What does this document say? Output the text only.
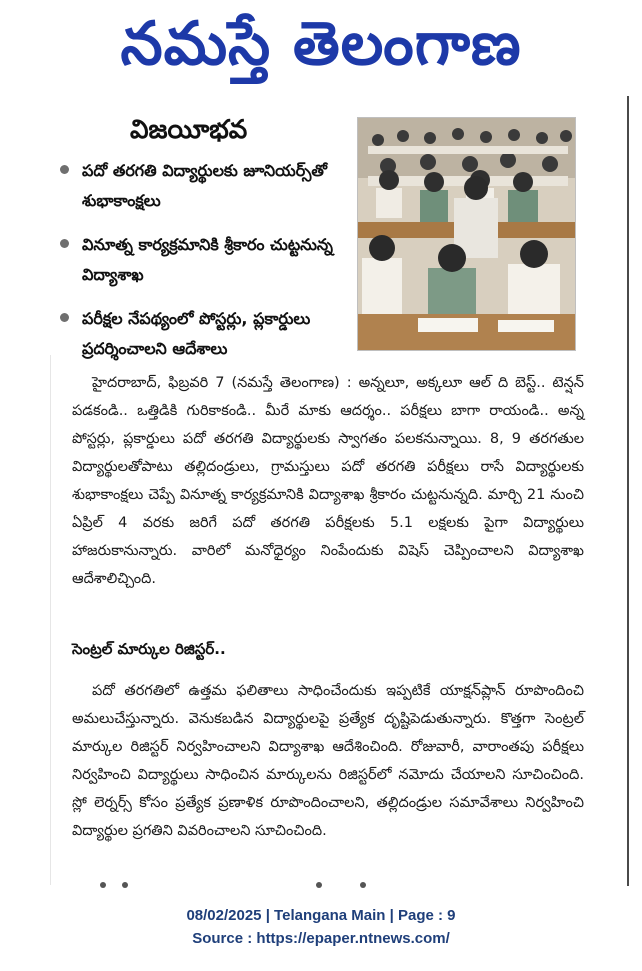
నమస్తే తెలంగాణ
విజయీభవ
పదో తరగతి విద్యార్థులకు జూనియర్స్‌తో శుభాకాంక్షలు
వినూత్న కార్యక్రమానికి శ్రీకారం చుట్టనున్న విద్యాశాఖ
పరీక్షల నేపథ్యంలో పోస్టర్లు, ప్లకార్డులు ప్రదర్శించాలని ఆదేశాలు

హైదరాబాద్, ఫిబ్రవరి 7 (నమస్తే తెలంగాణ) : అన్నలూ, అక్కలూ ఆల్ ది బెస్ట్.. టెన్షన్ పడకండి.. ఒత్తిడికి గురికాకండి.. మీరే మాకు ఆదర్శం.. పరీక్షలు బాగా రాయండి.. అన్న పోస్టర్లు, ప్లకార్డులు పదో తరగతి విద్యార్థులకు స్వాగతం పలకనున్నాయి. 8, 9 తరగతుల విద్యార్థులతోపాటు తల్లిదండ్రులు, గ్రామస్తులు పదో తరగతి పరీక్షలు రాసే విద్యార్థులకు శుభాకాంక్షలు చెప్పే వినూత్న కార్యక్రమానికి విద్యాశాఖ శ్రీకారం చుట్టనున్నది. మార్చి 21 నుంచి ఏప్రిల్ 4 వరకు జరిగే పదో తరగతి పరీక్షలకు 5.1 లక్షలకు పైగా విద్యార్థులు హాజరుకానున్నారు. వారిలో మనోధైర్యం నింపేందుకు విషెస్ చెప్పించాలని విద్యాశాఖ ఆదేశాలిచ్చింది.

సెంట్రల్ మార్కుల రిజిస్టర్..

పదో తరగతిలో ఉత్తమ ఫలితాలు సాధించేందుకు ఇప్పటికే యాక్షన్‌ప్లాన్ రూపొందించి అమలుచేస్తున్నారు. వెనుకబడిన విద్యార్థులపై ప్రత్యేక దృష్టిపెడుతున్నారు. కొత్తగా సెంట్రల్ మార్కుల రిజిస్టర్ నిర్వహించాలని విద్యాశాఖ ఆదేశించింది. రోజువారీ, వారాంతపు పరీక్షలు నిర్వహించి విద్యార్థులు సాధించిన మార్కులను రిజిస్టర్‌లో నమోదు చేయాలని సూచించింది. స్లో లెర్నర్స్ కోసం ప్రత్యేక ప్రణాళిక రూపొందించాలని, తల్లిదండ్రుల సమావేశాలు నిర్వహించి విద్యార్థుల ప్రగతిని వివరించాలని సూచించింది.

08/02/2025 | Telangana Main | Page : 9
Source : https://epaper.ntnews.com/
